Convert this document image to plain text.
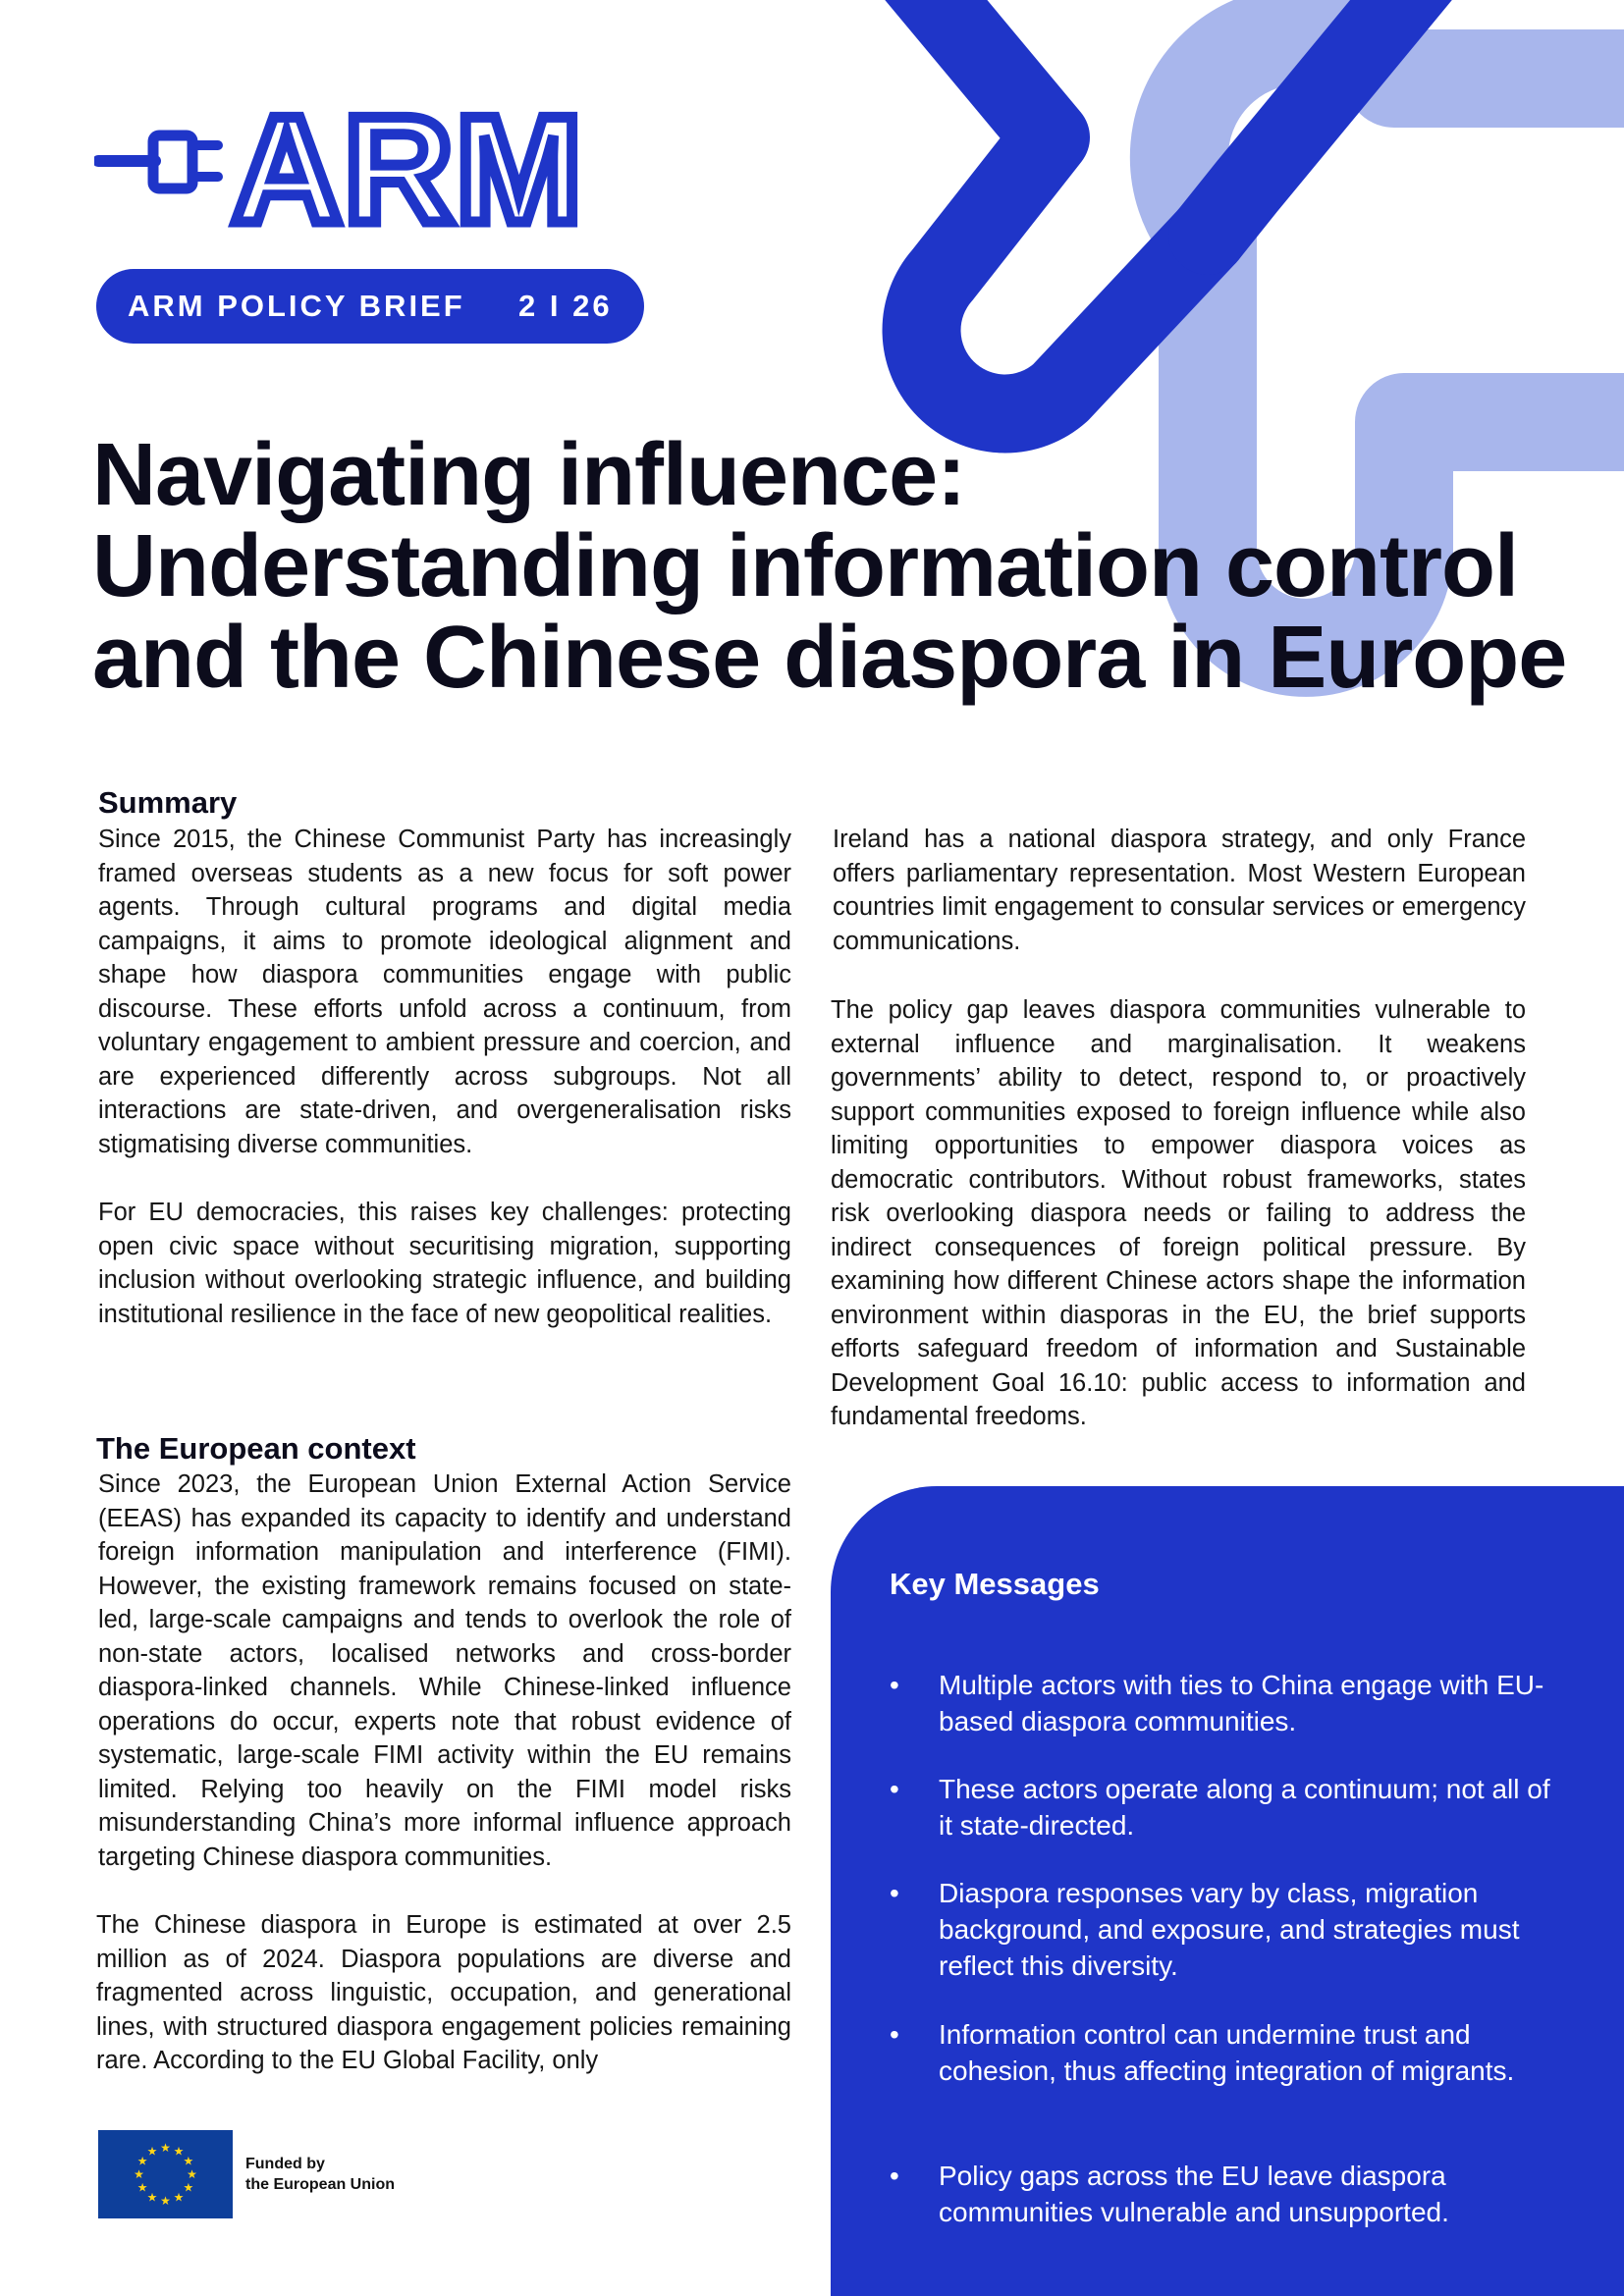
ARM
ARM POLICY BRIEF 2 I 26
Navigating influence:
Understanding information control
and the Chinese diaspora in Europe
Summary

Since 2015, the Chinese Communist Party has increasingly framed overseas students as a new focus for soft power agents. Through cultural programs and digital media campaigns, it aims to promote ideological alignment and shape how diaspora communities engage with public discourse. These efforts unfold across a continuum, from voluntary engagement to ambient pressure and coercion, and are experienced differently across subgroups. Not all interactions are state-driven, and overgeneralisation risks stigmatising diverse communities.

For EU democracies, this raises key challenges: protecting open civic space without securitising migration, supporting inclusion without overlooking strategic influence, and building institutional resilience in the face of new geopolitical realities.

The European context

Since 2023, the European Union External Action Service (EEAS) has expanded its capacity to identify and understand foreign information manipulation and interference (FIMI). However, the existing framework remains focused on state-led, large-scale campaigns and tends to overlook the role of non-state actors, localised networks and cross-border diaspora-linked channels. While Chinese-linked influence operations do occur, experts note that robust evidence of systematic, large-scale FIMI activity within the EU remains limited. Relying too heavily on the FIMI model risks misunderstanding China’s more informal influence approach targeting Chinese diaspora communities.

The Chinese diaspora in Europe is estimated at over 2.5 million as of 2024. Diaspora populations are diverse and fragmented across linguistic, occupation, and generational lines, with structured diaspora engagement policies remaining rare. According to the EU Global Facility, only

Ireland has a national diaspora strategy, and only France offers parliamentary representation. Most Western European countries limit engagement to consular services or emergency communications.

The policy gap leaves diaspora communities vulnerable to external influence and marginalisation. It weakens governments’ ability to detect, respond to, or proactively support communities exposed to foreign influence while also limiting opportunities to empower diaspora voices as democratic contributors. Without robust frameworks, states risk overlooking diaspora needs or failing to address the indirect consequences of foreign political pressure. By examining how different Chinese actors shape the information environment within diasporas in the EU, the brief supports efforts safeguard freedom of information and Sustainable Development Goal 16.10: public access to information and fundamental freedoms.

Key Messages
• Multiple actors with ties to China engage with EU-based diaspora communities.
• These actors operate along a continuum; not all of it state-directed.
• Diaspora responses vary by class, migration background, and exposure, and strategies must reflect this diversity.
• Information control can undermine trust and cohesion, thus affecting integration of migrants.
• Policy gaps across the EU leave diaspora communities vulnerable and unsupported.
★ ★
★
★
★
★
★
★
★
★
★
★
Funded by
the European Union
